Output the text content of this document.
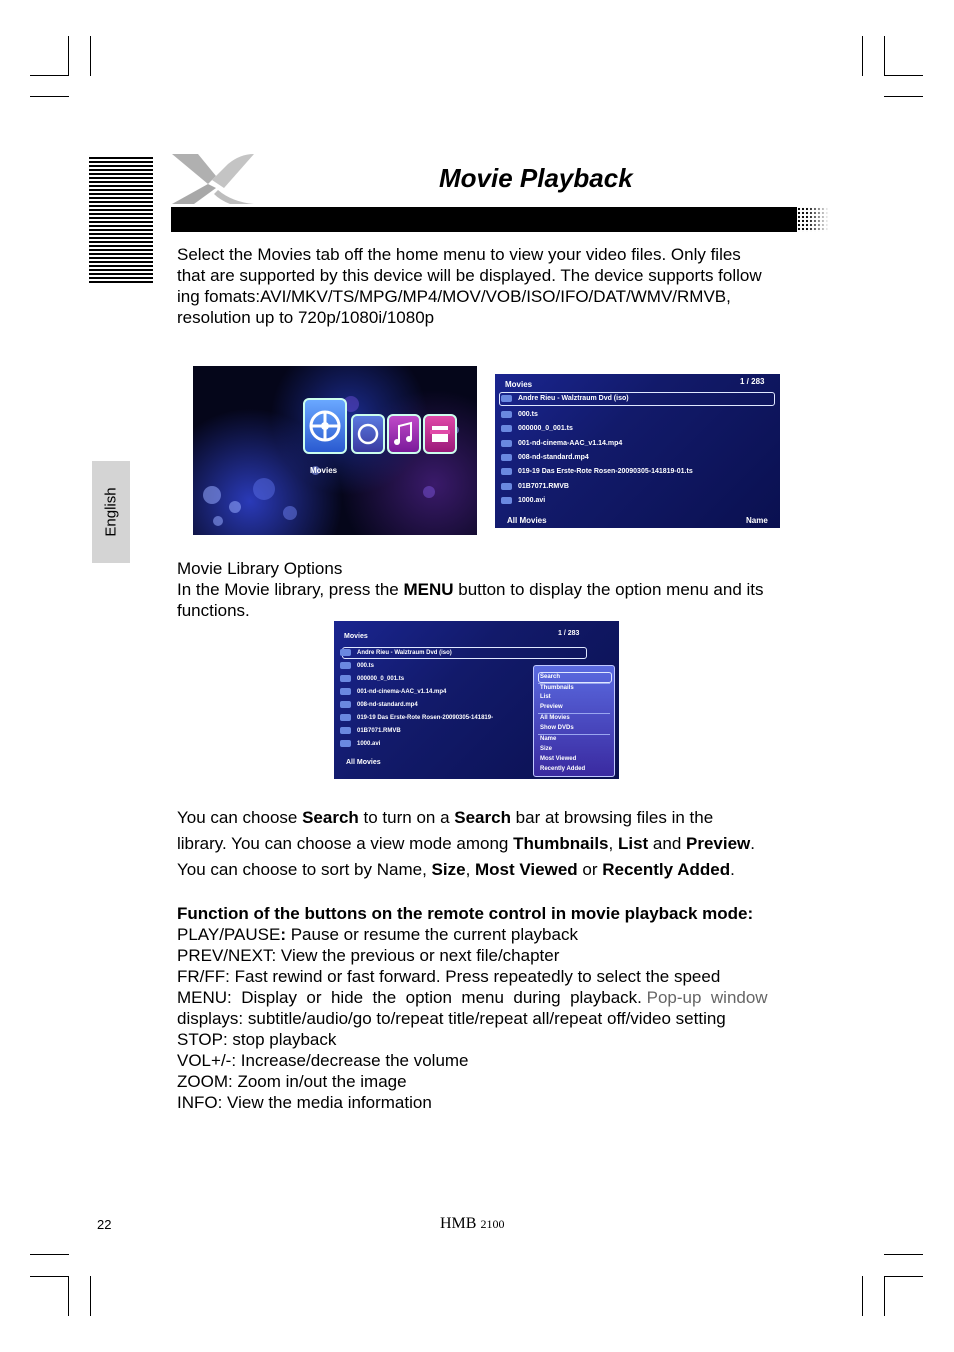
Movie Playback
English

Select the Movies tab off the home menu to view your video files. Only files

that are supported by this device will be displayed. The device supports follow

ing fomats:AVI/MKV/TS/MPG/MP4/MOV/VOB/ISO/IFO/DAT/WMV/RMVB,

resolution up to 720p/1080i/1080p

Movies
Movies	1 / 283
Andre Rieu - Walztraum Dvd (iso)
000.ts
000000_0_001.ts
001-nd-cinema-AAC_v1.14.mp4
008-nd-standard.mp4
019-19 Das Erste-Rote Rosen-20090305-141819-01.ts
01B7071.RMVB
1000.avi
All Movies	Name

Movie Library Options

In the Movie library, press the MENU button to display the option menu and its

functions.

Movies	1 / 283
Andre Rieu - Walztraum Dvd (iso)
000.ts
000000_0_001.ts
001-nd-cinema-AAC_v1.14.mp4
008-nd-standard.mp4
019-19 Das Erste-Rote Rosen-20090305-141819-
01B7071.RMVB
1000.avi
All Movies
Search
Thumbnails
List
Preview
All Movies
Show DVDs
Name
Size
Most Viewed
Recently Added

You can choose Search to turn on a Search bar at browsing files in the

library. You can choose a view mode among Thumbnails, List and Preview.

You can choose to sort by Name, Size, Most Viewed or Recently Added.

Function of the buttons on the remote control in movie playback mode:

PLAY/PAUSE: Pause or resume the current playback

PREV/NEXT: View the previous or next file/chapter

FR/FF: Fast rewind or fast forward. Press repeatedly to select the speed

MENU:  Display  or  hide  the  option  menu  during  playback. Pop-up  window

displays: subtitle/audio/go to/repeat title/repeat all/repeat off/video setting

STOP: stop playback

VOL+/-: Increase/decrease the volume

ZOOM: Zoom in/out the image

INFO: View the media information

22	HMB 2100
